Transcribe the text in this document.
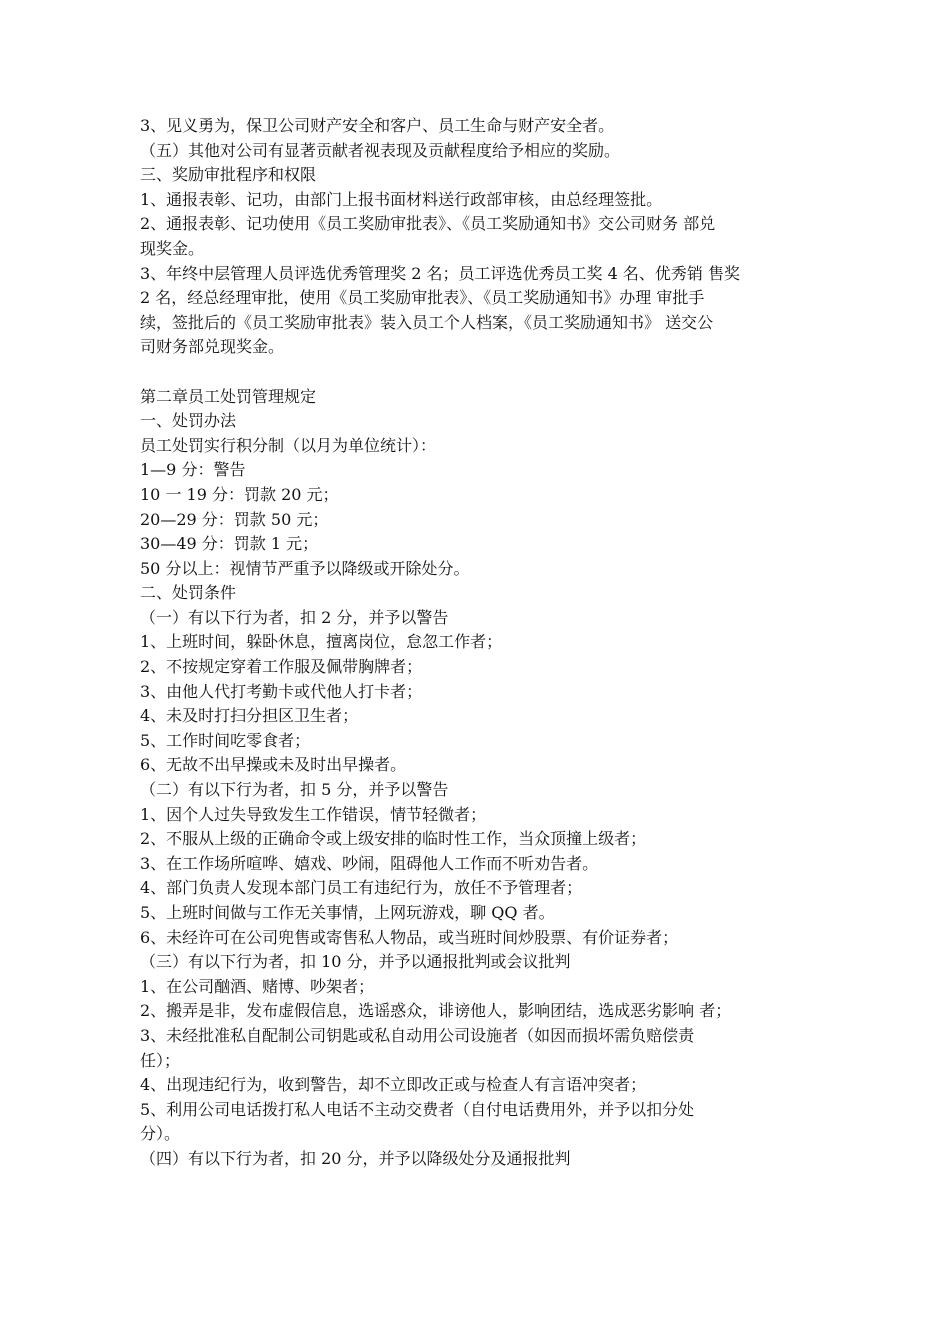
3、见义勇为，保卫公司财产安全和客户、员工生命与财产安全者。

（五）其他对公司有显著贡献者视表现及贡献程度给予相应的奖励。

三、奖励审批程序和权限

1、通报表彰、记功，由部门上报书面材料送行政部审核，由总经理签批。

2、通报表彰、记功使用《员工奖励审批表》、《员工奖励通知书》交公司财务 部兑

现奖金。

3、年终中层管理人员评选优秀管理奖 2 名；员工评选优秀员工奖 4 名、优秀销 售奖

2 名，经总经理审批，使用《员工奖励审批表》、《员工奖励通知书》办理 审批手

续，签批后的《员工奖励审批表》装入员工个人档案，《员工奖励通知书》 送交公

司财务部兑现奖金。

第二章员工处罚管理规定

一、处罚办法

员工处罚实行积分制（以月为单位统计）：

1—9 分：警告

10 一 19 分：罚款 20 元；

20—29 分：罚款 50 元；

30—49 分：罚款 1 元；

50 分以上：视情节严重予以降级或开除处分。

二、处罚条件

（一）有以下行为者，扣 2 分，并予以警告

1、上班时间，躲卧休息，擅离岗位，怠忽工作者；

2、不按规定穿着工作服及佩带胸牌者；

3、由他人代打考勤卡或代他人打卡者；

4、未及时打扫分担区卫生者；

5、工作时间吃零食者；

6、无故不出早操或未及时出早操者。

（二）有以下行为者，扣 5 分，并予以警告

1、因个人过失导致发生工作错误，情节轻微者；

2、不服从上级的正确命令或上级安排的临时性工作，当众顶撞上级者；

3、在工作场所喧哗、嬉戏、吵闹，阻碍他人工作而不听劝告者。

4、部门负责人发现本部门员工有违纪行为，放任不予管理者；

5、上班时间做与工作无关事情，上网玩游戏，聊 QQ 者。

6、未经许可在公司兜售或寄售私人物品，或当班时间炒股票、有价证券者；

（三）有以下行为者，扣 10 分，并予以通报批判或会议批判

1、在公司酗酒、赌博、吵架者；

2、搬弄是非，发布虚假信息，选谣惑众，诽谤他人，影响团结，选成恶劣影响 者；

3、未经批准私自配制公司钥匙或私自动用公司设施者（如因而损坏需负赔偿责

任）；

4、出现违纪行为，收到警告，却不立即改正或与检查人有言语冲突者；

5、利用公司电话拨打私人电话不主动交费者（自付电话费用外，并予以扣分处

分）。

（四）有以下行为者，扣 20 分，并予以降级处分及通报批判
